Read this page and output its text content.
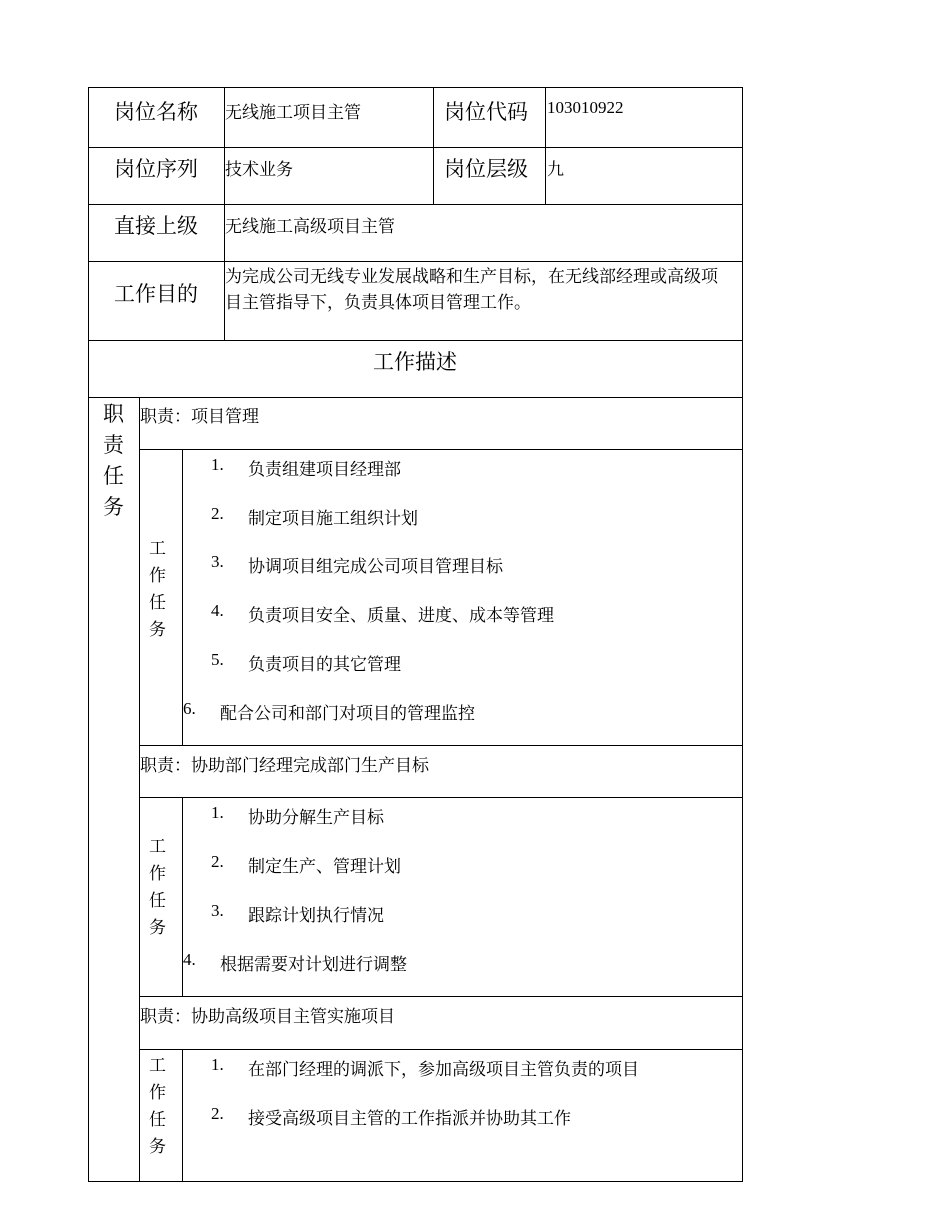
岗位名称 无线施工项目主管	岗位代码 103010922
岗位序列 技术业务	岗位层级 九
直接上级 无线施工高级项目主管
工作目的
为完成公司无线专业发展战略和生产目标，在无线部经理或高级项目主管指导下，负责具体项目管理工作。
工作描述
职
责
任
务
职责：项目管理
工
作
任
务
1. 负责组建项目经理部
2. 制定项目施工组织计划
3. 协调项目组完成公司项目管理目标
4. 负责项目安全、质量、进度、成本等管理
5. 负责项目的其它管理
6. 配合公司和部门对项目的管理监控
职责：协助部门经理完成部门生产目标
工
作
任
务
1. 协助分解生产目标
2. 制定生产、管理计划
3. 跟踪计划执行情况
4. 根据需要对计划进行调整
职责：协助高级项目主管实施项目
工
作
任
务
1. 在部门经理的调派下，参加高级项目主管负责的项目
2. 接受高级项目主管的工作指派并协助其工作
